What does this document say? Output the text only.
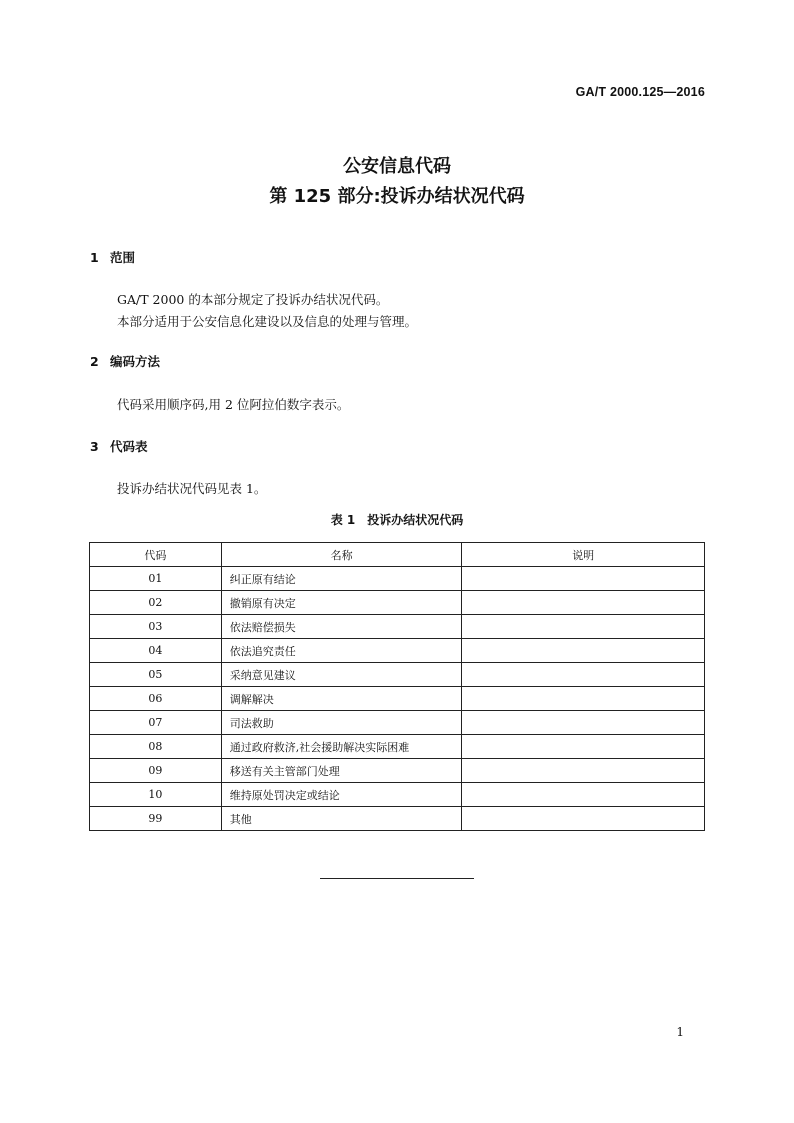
GA/T 2000.125—2016
公安信息代码
第 125 部分:投诉办结状况代码
1 范围
GA/T 2000 的本部分规定了投诉办结状况代码。
本部分适用于公安信息化建设以及信息的处理与管理。
2 编码方法
代码采用顺序码,用 2 位阿拉伯数字表示。
3 代码表
投诉办结状况代码见表 1。
表 1 投诉办结状况代码
代码	名称	说明
01	纠正原有结论	
02	撤销原有决定	
03	依法赔偿损失	
04	依法追究责任	
05	采纳意见建议	
06	调解解决	
07	司法救助	
08	通过政府救济,社会援助解决实际困难	
09	移送有关主管部门处理	
10	维持原处罚决定或结论	
99	其他	
1
